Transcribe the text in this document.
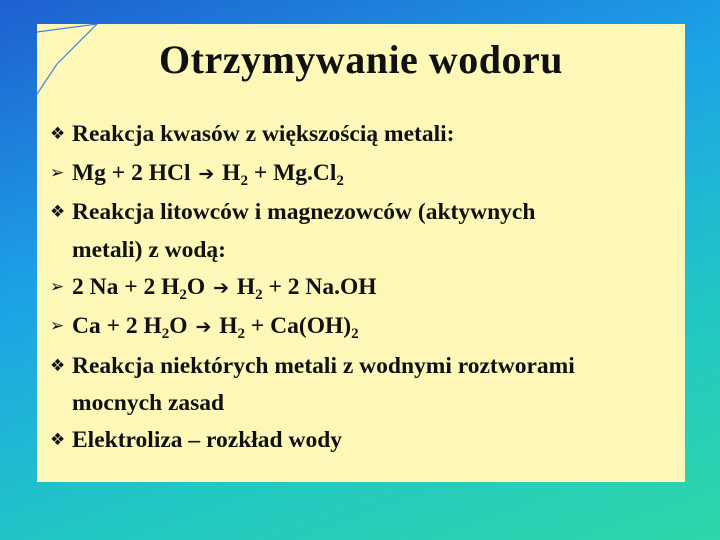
Otrzymywanie wodoru
❖ Reakcja kwasów z większością metali:
➢ Mg + 2 HCl ➔ $H_2 + Mg.Cl_2$
❖ Reakcja litowców i magnezowców (aktywnych
metali) z wodą:
➢ 2 Na + 2 $H_2O$ ➔ $H_2 + 2$ Na.OH
➢ Ca + 2 $H_2O$ ➔ $H_2 + Ca(OH)_2$
❖ Reakcja niektórych metali z wodnymi roztworami
mocnych zasad
❖ Elektroliza – rozkład wody
